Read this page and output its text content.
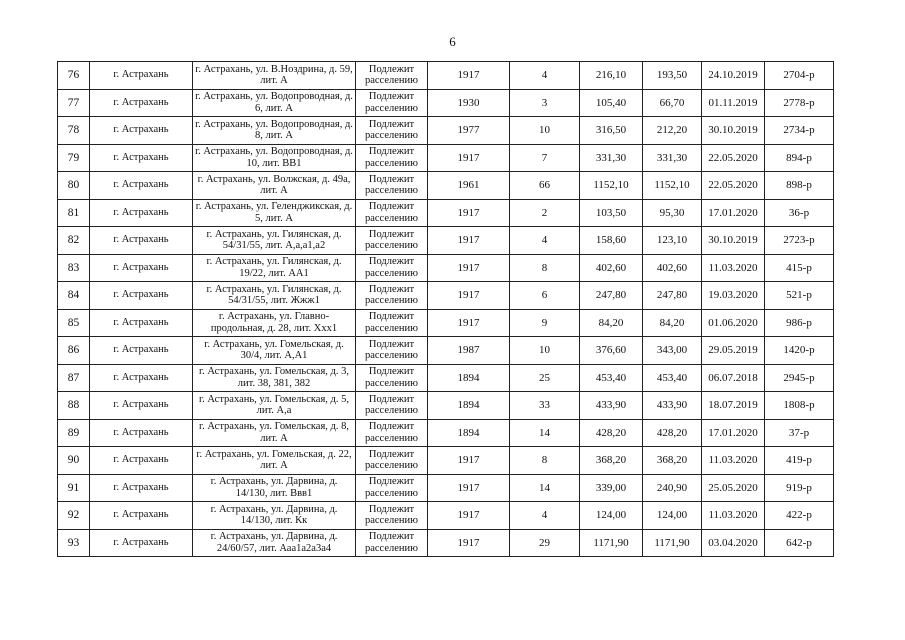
6
76	г. Астрахань	г. Астрахань, ул. В.Ноздрина, д. 59, лит. А	Подлежит расселению	1917	4	216,10	193,50	24.10.2019	2704-р
77	г. Астрахань	г. Астрахань, ул. Водопроводная, д. 6, лит. А	Подлежит расселению	1930	3	105,40	66,70	01.11.2019	2778-р
78	г. Астрахань	г. Астрахань, ул. Водопроводная, д. 8, лит. А	Подлежит расселению	1977	10	316,50	212,20	30.10.2019	2734-р
79	г. Астрахань	г. Астрахань, ул. Водопроводная, д. 10, лит. ВВ1	Подлежит расселению	1917	7	331,30	331,30	22.05.2020	894-р
80	г. Астрахань	г. Астрахань, ул. Волжская, д. 49а, лит. А	Подлежит расселению	1961	66	1152,10	1152,10	22.05.2020	898-р
81	г. Астрахань	г. Астрахань, ул. Геленджикская, д. 5, лит. А	Подлежит расселению	1917	2	103,50	95,30	17.01.2020	36-р
82	г. Астрахань	г. Астрахань, ул. Гилянская, д. 54/31/55, лит. А,а,а1,а2	Подлежит расселению	1917	4	158,60	123,10	30.10.2019	2723-р
83	г. Астрахань	г. Астрахань, ул. Гилянская, д. 19/22, лит. АА1	Подлежит расселению	1917	8	402,60	402,60	11.03.2020	415-р
84	г. Астрахань	г. Астрахань, ул. Гилянская, д. 54/31/55, лит. Жжж1	Подлежит расселению	1917	6	247,80	247,80	19.03.2020	521-р
85	г. Астрахань	г. Астрахань, ул. Главно-продольная, д. 28, лит. Ххх1	Подлежит расселению	1917	9	84,20	84,20	01.06.2020	986-р
86	г. Астрахань	г. Астрахань, ул. Гомельская, д. 30/4, лит. А,А1	Подлежит расселению	1987	10	376,60	343,00	29.05.2019	1420-р
87	г. Астрахань	г. Астрахань, ул. Гомельская, д. 3, лит. 38, 381, 382	Подлежит расселению	1894	25	453,40	453,40	06.07.2018	2945-р
88	г. Астрахань	г. Астрахань, ул. Гомельская, д. 5, лит. А,а	Подлежит расселению	1894	33	433,90	433,90	18.07.2019	1808-р
89	г. Астрахань	г. Астрахань, ул. Гомельская, д. 8, лит. А	Подлежит расселению	1894	14	428,20	428,20	17.01.2020	37-р
90	г. Астрахань	г. Астрахань, ул. Гомельская, д. 22, лит. А	Подлежит расселению	1917	8	368,20	368,20	11.03.2020	419-р
91	г. Астрахань	г. Астрахань, ул. Дарвина, д. 14/130, лит. Ввв1	Подлежит расселению	1917	14	339,00	240,90	25.05.2020	919-р
92	г. Астрахань	г. Астрахань, ул. Дарвина, д. 14/130, лит. Кк	Подлежит расселению	1917	4	124,00	124,00	11.03.2020	422-р
93	г. Астрахань	г. Астрахань, ул. Дарвина, д. 24/60/57, лит. Ааа1а2а3а4	Подлежит расселению	1917	29	1171,90	1171,90	03.04.2020	642-р
